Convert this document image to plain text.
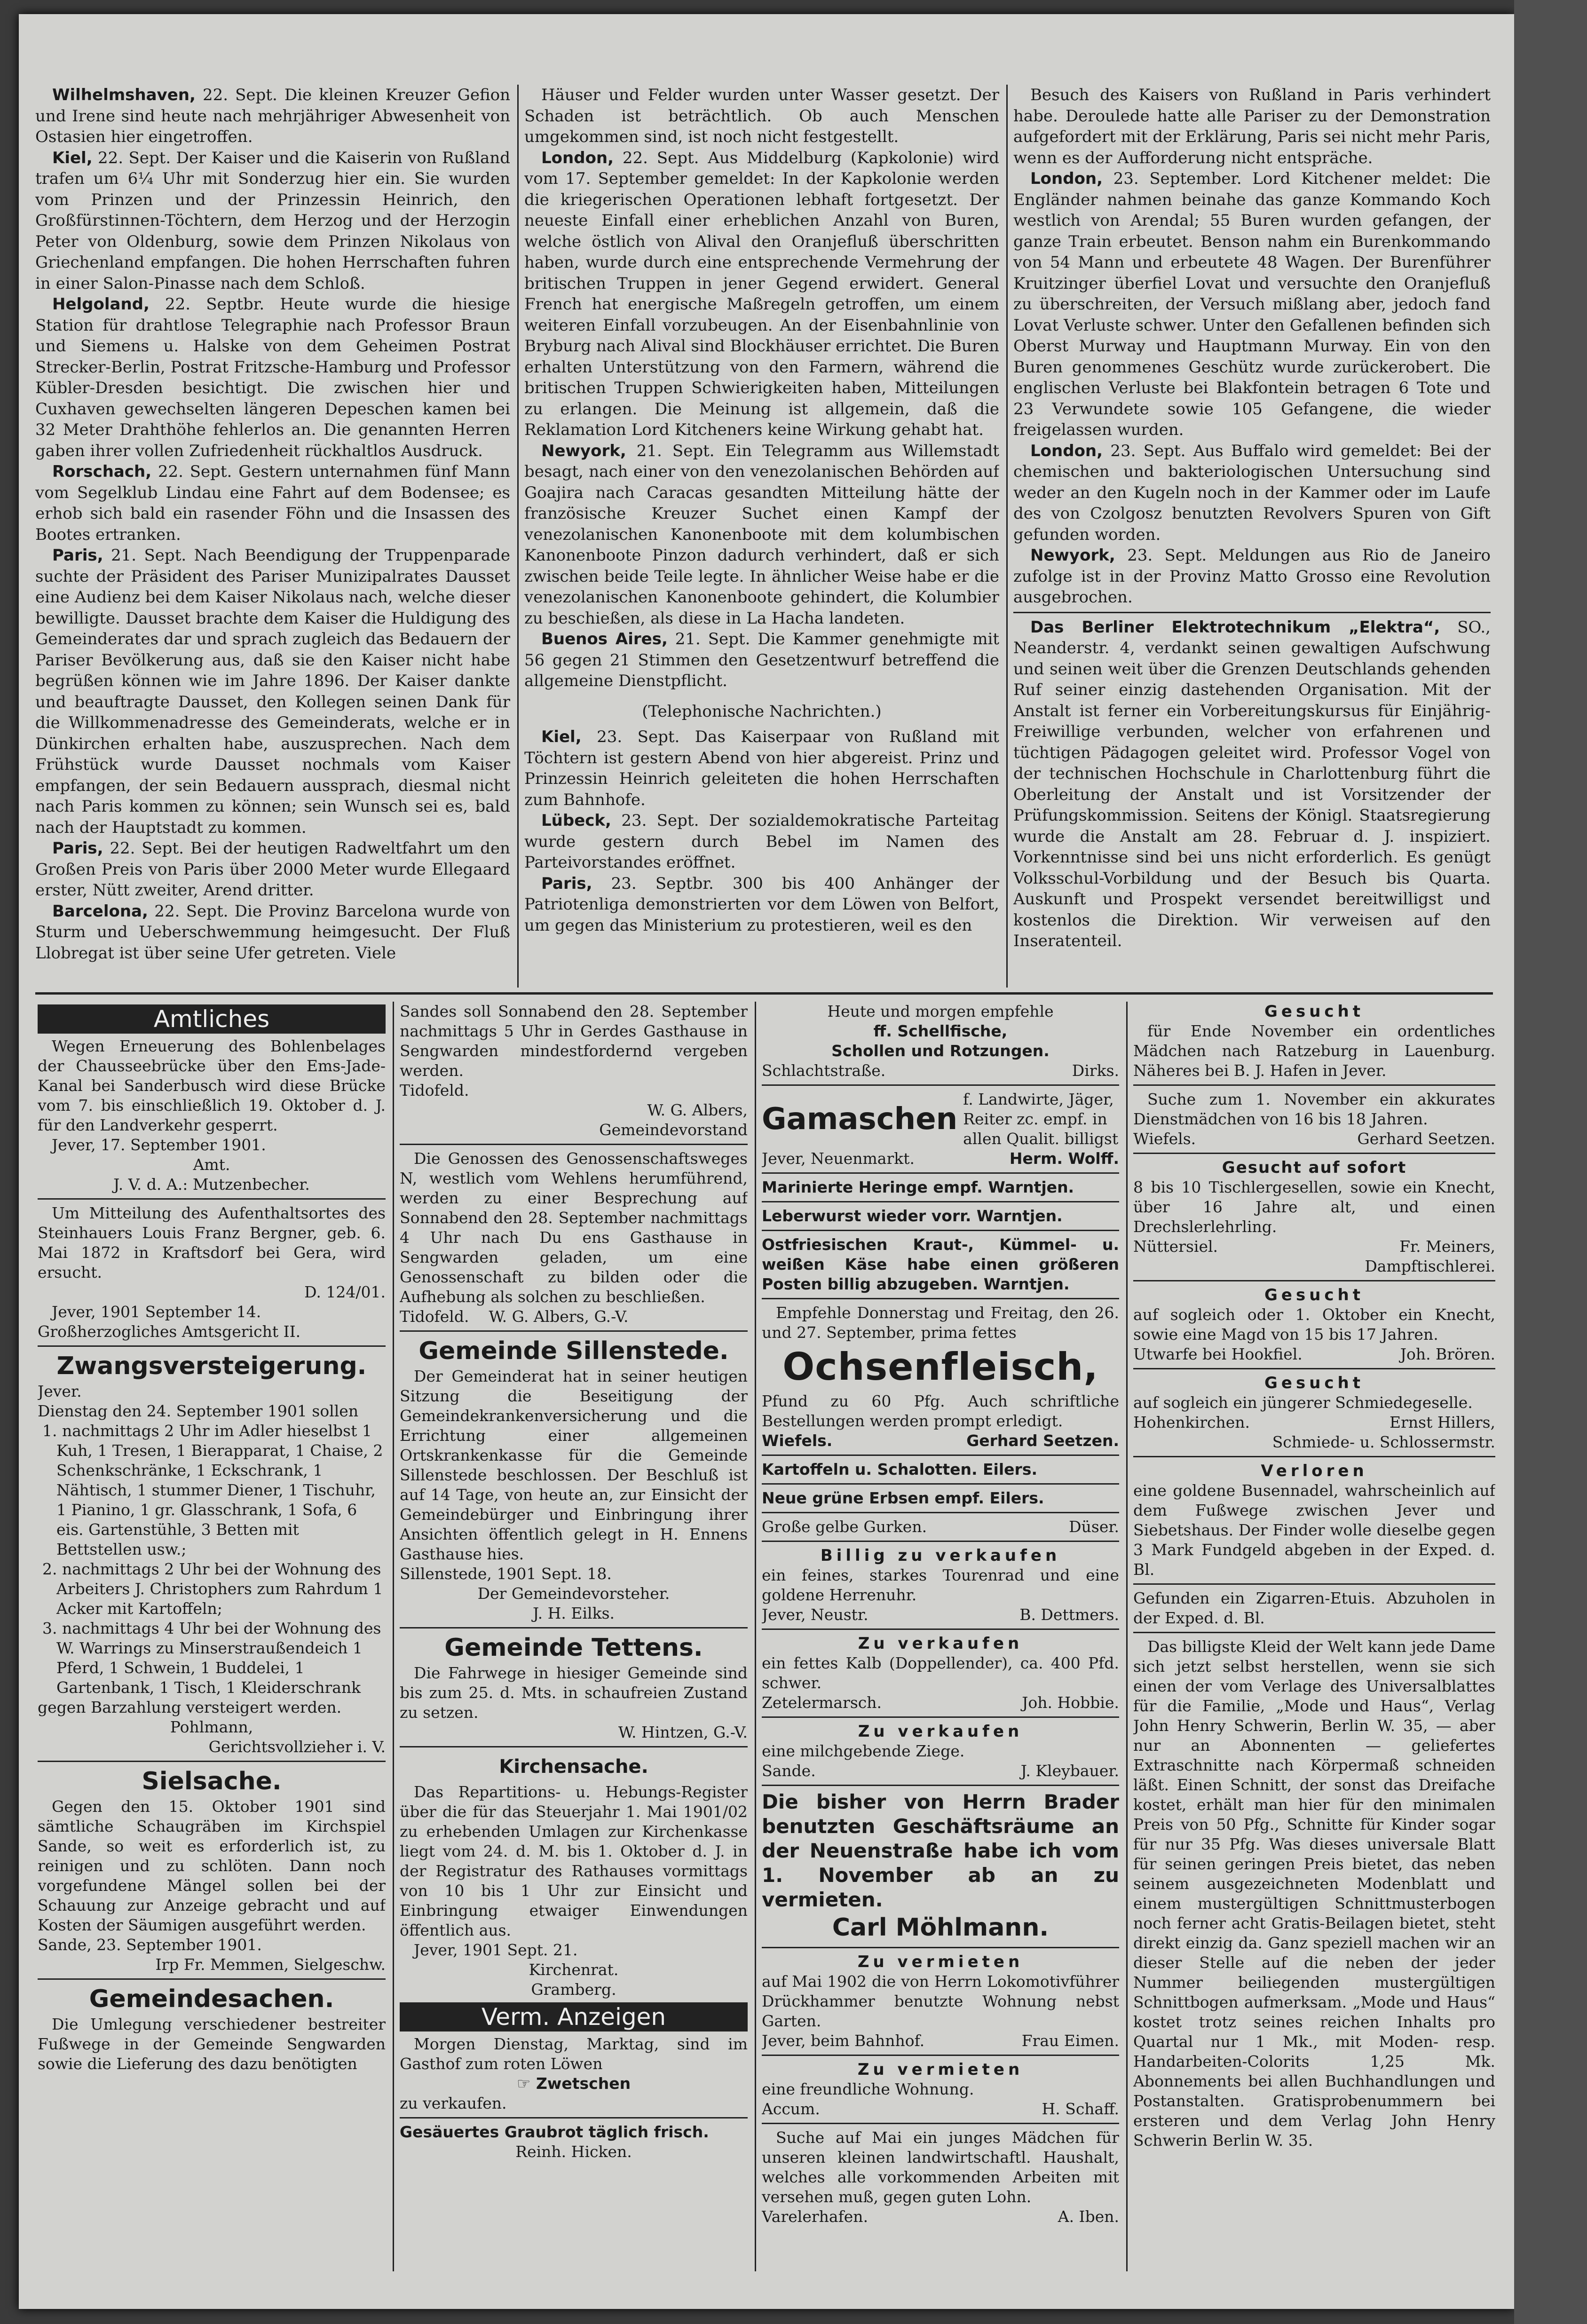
Wilhelmshaven, 22. Sept. Die kleinen Kreuzer Gefion und Irene sind heute nach mehrjähriger Abwesenheit von Ostasien hier eingetroffen.

Kiel, 22. Sept. Der Kaiser und die Kaiserin von Rußland trafen um 6¼ Uhr mit Sonderzug hier ein. Sie wurden vom Prinzen und der Prinzessin Heinrich, den Großfürstinnen-Töchtern, dem Herzog und der Herzogin Peter von Oldenburg, sowie dem Prinzen Nikolaus von Griechenland empfangen. Die hohen Herrschaften fuhren in einer Salon-Pinasse nach dem Schloß.

Helgoland, 22. Septbr. Heute wurde die hiesige Station für drahtlose Telegraphie nach Professor Braun und Siemens u. Halske von dem Geheimen Postrat Strecker-Berlin, Postrat Fritzsche-Hamburg und Professor Kübler-Dresden besichtigt. Die zwischen hier und Cuxhaven gewechselten längeren Depeschen kamen bei 32 Meter Drahthöhe fehlerlos an. Die genannten Herren gaben ihrer vollen Zufriedenheit rückhaltlos Ausdruck.

Rorschach, 22. Sept. Gestern unternahmen fünf Mann vom Segelklub Lindau eine Fahrt auf dem Bodensee; es erhob sich bald ein rasender Föhn und die Insassen des Bootes ertranken.

Paris, 21. Sept. Nach Beendigung der Truppenparade suchte der Präsident des Pariser Munizipalrates Dausset eine Audienz bei dem Kaiser Nikolaus nach, welche dieser bewilligte. Dausset brachte dem Kaiser die Huldigung des Gemeinderates dar und sprach zugleich das Bedauern der Pariser Bevölkerung aus, daß sie den Kaiser nicht habe begrüßen können wie im Jahre 1896. Der Kaiser dankte und beauftragte Dausset, den Kollegen seinen Dank für die Willkommenadresse des Gemeinderats, welche er in Dünkirchen erhalten habe, auszusprechen. Nach dem Frühstück wurde Dausset nochmals vom Kaiser empfangen, der sein Bedauern aussprach, diesmal nicht nach Paris kommen zu können; sein Wunsch sei es, bald nach der Hauptstadt zu kommen.

Paris, 22. Sept. Bei der heutigen Radweltfahrt um den Großen Preis von Paris über 2000 Meter wurde Ellegaard erster, Nütt zweiter, Arend dritter.

Barcelona, 22. Sept. Die Provinz Barcelona wurde von Sturm und Ueberschwemmung heimgesucht. Der Fluß Llobregat ist über seine Ufer getreten. Viele

Häuser und Felder wurden unter Wasser gesetzt. Der Schaden ist beträchtlich. Ob auch Menschen umgekommen sind, ist noch nicht festgestellt.

London, 22. Sept. Aus Middelburg (Kapkolonie) wird vom 17. September gemeldet: In der Kapkolonie werden die kriegerischen Operationen lebhaft fortgesetzt. Der neueste Einfall einer erheblichen Anzahl von Buren, welche östlich von Alival den Oranjefluß überschritten haben, wurde durch eine entsprechende Vermehrung der britischen Truppen in jener Gegend erwidert. General French hat energische Maßregeln getroffen, um einem weiteren Einfall vorzubeugen. An der Eisenbahnlinie von Bryburg nach Alival sind Blockhäuser errichtet. Die Buren erhalten Unterstützung von den Farmern, während die britischen Truppen Schwierigkeiten haben, Mitteilungen zu erlangen. Die Meinung ist allgemein, daß die Reklamation Lord Kitcheners keine Wirkung gehabt hat.

Newyork, 21. Sept. Ein Telegramm aus Willemstadt besagt, nach einer von den venezolanischen Behörden auf Goajira nach Caracas gesandten Mitteilung hätte der französische Kreuzer Suchet einen Kampf der venezolanischen Kanonenboote mit dem kolumbischen Kanonenboote Pinzon dadurch verhindert, daß er sich zwischen beide Teile legte. In ähnlicher Weise habe er die venezolanischen Kanonenboote gehindert, die Kolumbier zu beschießen, als diese in La Hacha landeten.

Buenos Aires, 21. Sept. Die Kammer genehmigte mit 56 gegen 21 Stimmen den Gesetzentwurf betreffend die allgemeine Dienstpflicht.

(Telephonische Nachrichten.)

Kiel, 23. Sept. Das Kaiserpaar von Rußland mit Töchtern ist gestern Abend von hier abgereist. Prinz und Prinzessin Heinrich geleiteten die hohen Herrschaften zum Bahnhofe.

Lübeck, 23. Sept. Der sozialdemokratische Parteitag wurde gestern durch Bebel im Namen des Parteivorstandes eröffnet.

Paris, 23. Septbr. 300 bis 400 Anhänger der Patriotenliga demonstrierten vor dem Löwen von Belfort, um gegen das Ministerium zu protestieren, weil es den

Besuch des Kaisers von Rußland in Paris verhindert habe. Deroulede hatte alle Pariser zu der Demonstration aufgefordert mit der Erklärung, Paris sei nicht mehr Paris, wenn es der Aufforderung nicht entspräche.

London, 23. September. Lord Kitchener meldet: Die Engländer nahmen beinahe das ganze Kommando Koch westlich von Arendal; 55 Buren wurden gefangen, der ganze Train erbeutet. Benson nahm ein Burenkommando von 54 Mann und erbeutete 48 Wagen. Der Burenführer Kruitzinger überfiel Lovat und versuchte den Oranjefluß zu überschreiten, der Versuch mißlang aber, jedoch fand Lovat Verluste schwer. Unter den Gefallenen befinden sich Oberst Murway und Hauptmann Murway. Ein von den Buren genommenes Geschütz wurde zurückerobert. Die englischen Verluste bei Blakfontein betragen 6 Tote und 23 Verwundete sowie 105 Gefangene, die wieder freigelassen wurden.

London, 23. Sept. Aus Buffalo wird gemeldet: Bei der chemischen und bakteriologischen Untersuchung sind weder an den Kugeln noch in der Kammer oder im Laufe des von Czolgosz benutzten Revolvers Spuren von Gift gefunden worden.

Newyork, 23. Sept. Meldungen aus Rio de Janeiro zufolge ist in der Provinz Matto Grosso eine Revolution ausgebrochen.

Das Berliner Elektrotechnikum „Elektra“, SO., Neanderstr. 4, verdankt seinen gewaltigen Aufschwung und seinen weit über die Grenzen Deutschlands gehenden Ruf seiner einzig dastehenden Organisation. Mit der Anstalt ist ferner ein Vorbereitungskursus für Einjährig-Freiwillige verbunden, welcher von erfahrenen und tüchtigen Pädagogen geleitet wird. Professor Vogel von der technischen Hochschule in Charlottenburg führt die Oberleitung der Anstalt und ist Vorsitzender der Prüfungskommission. Seitens der Königl. Staatsregierung wurde die Anstalt am 28. Februar d. J. inspiziert. Vorkenntnisse sind bei uns nicht erforderlich. Es genügt Volksschul-Vorbildung und der Besuch bis Quarta. Auskunft und Prospekt versendet bereitwilligst und kostenlos die Direktion. Wir verweisen auf den Inseratenteil.

Amtliches

Wegen Erneuerung des Bohlenbelages der Chausseebrücke über den Ems-Jade-Kanal bei Sanderbusch wird diese Brücke vom 7. bis einschließlich 19. Oktober d. J. für den Landverkehr gesperrt.

Jever, 17. September 1901.

Amt.

J. V. d. A.: Mutzenbecher.

Um Mitteilung des Aufenthaltsortes des Steinhauers Louis Franz Bergner, geb. 6. Mai 1872 in Kraftsdorf bei Gera, wird ersucht.

D. 124/01.

Jever, 1901 September 14.

Großherzogliches Amtsgericht II.

Zwangsversteigerung.

Jever.

Dienstag den 24. September 1901 sollen

1. nachmittags 2 Uhr im Adler hieselbst 1 Kuh, 1 Tresen, 1 Bierapparat, 1 Chaise, 2 Schenkschränke, 1 Eckschrank, 1 Nähtisch, 1 stummer Diener, 1 Tischuhr, 1 Pianino, 1 gr. Glasschrank, 1 Sofa, 6 eis. Gartenstühle, 3 Betten mit Bettstellen usw.;

2. nachmittags 2 Uhr bei der Wohnung des Arbeiters J. Christophers zum Rahrdum 1 Acker mit Kartoffeln;

3. nachmittags 4 Uhr bei der Wohnung des W. Warrings zu Minserstraußendeich 1 Pferd, 1 Schwein, 1 Buddelei, 1 Gartenbank, 1 Tisch, 1 Kleiderschrank

gegen Barzahlung versteigert werden.

Pohlmann,

Gerichtsvollzieher i. V.

Sielsache.

Gegen den 15. Oktober 1901 sind sämtliche Schaugräben im Kirchspiel Sande, so weit es erforderlich ist, zu reinigen und zu schlöten. Dann noch vorgefundene Mängel sollen bei der Schauung zur Anzeige gebracht und auf Kosten der Säumigen ausgeführt werden.

Sande, 23. September 1901.

Irp Fr. Memmen, Sielgeschw.

Gemeindesachen.

Die Umlegung verschiedener bestreiter Fußwege in der Gemeinde Sengwarden sowie die Lieferung des dazu benötigten

Sandes soll Sonnabend den 28. September nachmittags 5 Uhr in Gerdes Gasthause in Sengwarden mindestfordernd vergeben werden.

Tidofeld.

W. G. Albers,

Gemeindevorstand

Die Genossen des Genossenschaftsweges N, westlich vom Wehlens herumführend, werden zu einer Besprechung auf Sonnabend den 28. September nachmittags 4 Uhr nach Du ens Gasthause in Sengwarden geladen, um eine Genossenschaft zu bilden oder die Aufhebung als solchen zu beschließen.

Tidofeld. W. G. Albers, G.-V.

Gemeinde Sillenstede.

Der Gemeinderat hat in seiner heutigen Sitzung die Beseitigung der Gemeindekrankenversicherung und die Errichtung einer allgemeinen Ortskrankenkasse für die Gemeinde Sillenstede beschlossen. Der Beschluß ist auf 14 Tage, von heute an, zur Einsicht der Gemeindebürger und Einbringung ihrer Ansichten öffentlich gelegt in H. Ennens Gasthause hies.

Sillenstede, 1901 Sept. 18.

Der Gemeindevorsteher.

J. H. Eilks.

Gemeinde Tettens.

Die Fahrwege in hiesiger Gemeinde sind bis zum 25. d. Mts. in schaufreien Zustand zu setzen.

W. Hintzen, G.-V.

Kirchensache.

Das Repartitions- u. Hebungs-Register über die für das Steuerjahr 1. Mai 1901/02 zu erhebenden Umlagen zur Kirchenkasse liegt vom 24. d. M. bis 1. Oktober d. J. in der Registratur des Rathauses vormittags von 10 bis 1 Uhr zur Einsicht und Einbringung etwaiger Einwendungen öffentlich aus.

Jever, 1901 Sept. 21.

Kirchenrat.

Gramberg.

Verm. Anzeigen

Morgen Dienstag, Marktag, sind im Gasthof zum roten Löwen

☞ Zwetschen

zu verkaufen.

Gesäuertes Graubrot täglich frisch.

Reinh. Hicken.

Heute und morgen empfehle

ff. Schellfische,

Schollen und Rotzungen.

Schlachtstraße.	Dirks.

Gamaschen
f. Landwirte, Jäger, Reiter zc. empf. in allen Qualit. billigst

Jever, Neuenmarkt.	Herm. Wolff.

Marinierte Heringe empf. Warntjen.

Leberwurst wieder vorr. Warntjen.

Ostfriesischen Kraut-, Kümmel- u. weißen Käse habe einen größeren Posten billig abzugeben. Warntjen.

Empfehle Donnerstag und Freitag, den 26. und 27. September, prima fettes

Ochsenfleisch,

Pfund zu 60 Pfg. Auch schriftliche Bestellungen werden prompt erledigt.

Wiefels.	Gerhard Seetzen.

Kartoffeln u. Schalotten. Eilers.

Neue grüne Erbsen empf. Eilers.

Große gelbe Gurken.	Düser.

Billig zu verkaufen

ein feines, starkes Tourenrad und eine goldene Herrenuhr.

Jever, Neustr.	B. Dettmers.

Zu verkaufen

ein fettes Kalb (Doppellender), ca. 400 Pfd. schwer.

Zetelermarsch.	Joh. Hobbie.

Zu verkaufen

eine milchgebende Ziege.

Sande.	J. Kleybauer.

Die bisher von Herrn Brader benutzten Geschäftsräume an der Neuenstraße habe ich vom 1. November ab an zu vermieten.

Carl Möhlmann.

Zu vermieten

auf Mai 1902 die von Herrn Lokomotivführer Drückhammer benutzte Wohnung nebst Garten.

Jever, beim Bahnhof.	Frau Eimen.

Zu vermieten

eine freundliche Wohnung.

Accum.	H. Schaff.

Suche auf Mai ein junges Mädchen für unseren kleinen landwirtschaftl. Haushalt, welches alle vorkommenden Arbeiten mit versehen muß, gegen guten Lohn.

Varelerhafen.	A. Iben.

Gesucht

für Ende November ein ordentliches Mädchen nach Ratzeburg in Lauenburg. Näheres bei B. J. Hafen in Jever.

Suche zum 1. November ein akkurates Dienstmädchen von 16 bis 18 Jahren.

Wiefels.	Gerhard Seetzen.

Gesucht auf sofort

8 bis 10 Tischlergesellen, sowie ein Knecht, über 16 Jahre alt, und einen Drechslerlehrling.

Nüttersiel.	Fr. Meiners,

Dampftischlerei.

Gesucht

auf sogleich oder 1. Oktober ein Knecht, sowie eine Magd von 15 bis 17 Jahren.

Utwarfe bei Hookfiel.	Joh. Brören.

Gesucht

auf sogleich ein jüngerer Schmiedegeselle.

Hohenkirchen.	Ernst Hillers,

Schmiede- u. Schlossermstr.

Verloren

eine goldene Busennadel, wahrscheinlich auf dem Fußwege zwischen Jever und Siebetshaus. Der Finder wolle dieselbe gegen 3 Mark Fundgeld abgeben in der Exped. d. Bl.

Gefunden ein Zigarren-Etuis. Abzuholen in der Exped. d. Bl.

Das billigste Kleid der Welt kann jede Dame sich jetzt selbst herstellen, wenn sie sich einen der vom Verlage des Universalblattes für die Familie, „Mode und Haus“, Verlag John Henry Schwerin, Berlin W. 35, — aber nur an Abonnenten — geliefertes Extraschnitte nach Körpermaß schneiden läßt. Einen Schnitt, der sonst das Dreifache kostet, erhält man hier für den minimalen Preis von 50 Pfg., Schnitte für Kinder sogar für nur 35 Pfg. Was dieses universale Blatt für seinen geringen Preis bietet, das neben seinem ausgezeichneten Modenblatt und einem mustergültigen Schnittmusterbogen noch ferner acht Gratis-Beilagen bietet, steht direkt einzig da. Ganz speziell machen wir an dieser Stelle auf die neben der jeder Nummer beiliegenden mustergültigen Schnittbogen aufmerksam. „Mode und Haus“ kostet trotz seines reichen Inhalts pro Quartal nur 1 Mk., mit Moden- resp. Handarbeiten-Colorits 1,25 Mk. Abonnements bei allen Buchhandlungen und Postanstalten. Gratisprobenummern bei ersteren und dem Verlag John Henry Schwerin Berlin W. 35.
